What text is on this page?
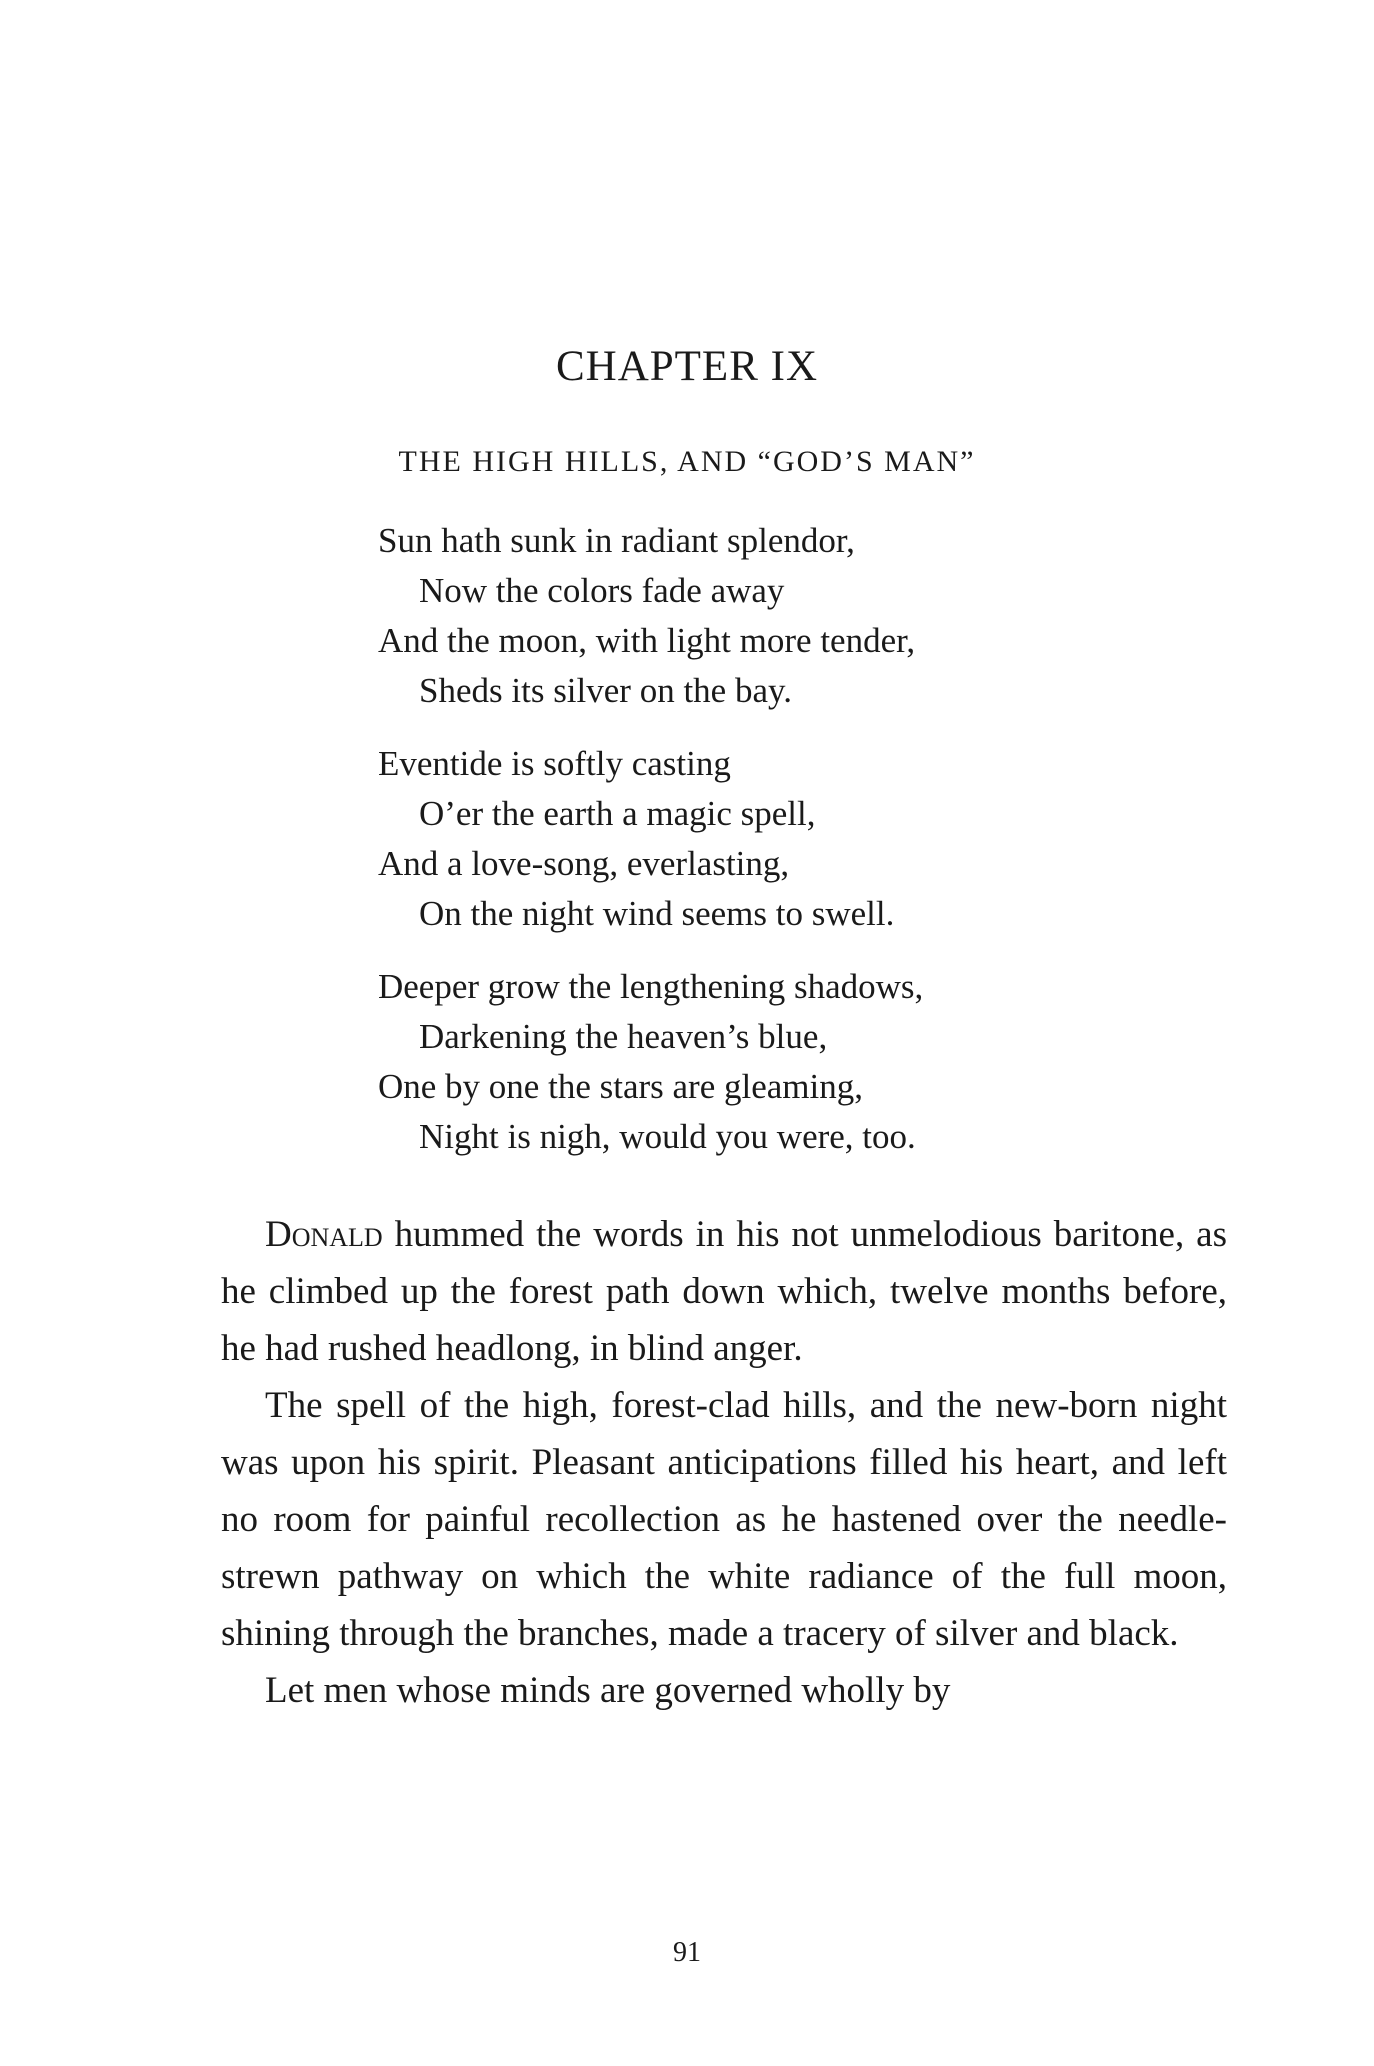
CHAPTER IX
THE HIGH HILLS, AND “GOD’S MAN”
Sun hath sunk in radiant splendor,
Now the colors fade away
And the moon, with light more tender,
Sheds its silver on the bay.
Eventide is softly casting
O’er the earth a magic spell,
And a love-song, everlasting,
On the night wind seems to swell.
Deeper grow the lengthening shadows,
Darkening the heaven’s blue,
One by one the stars are gleaming,
Night is nigh, would you were, too.

Donald hummed the words in his not unmelodious baritone, as he climbed up the forest path down which, twelve months before, he had rushed headlong, in blind anger.

The spell of the high, forest-clad hills, and the new-born night was upon his spirit. Pleasant anticipations filled his heart, and left no room for painful recollection as he hastened over the needle-strewn pathway on which the white radiance of the full moon, shining through the branches, made a tracery of silver and black.

Let men whose minds are governed wholly by

91
